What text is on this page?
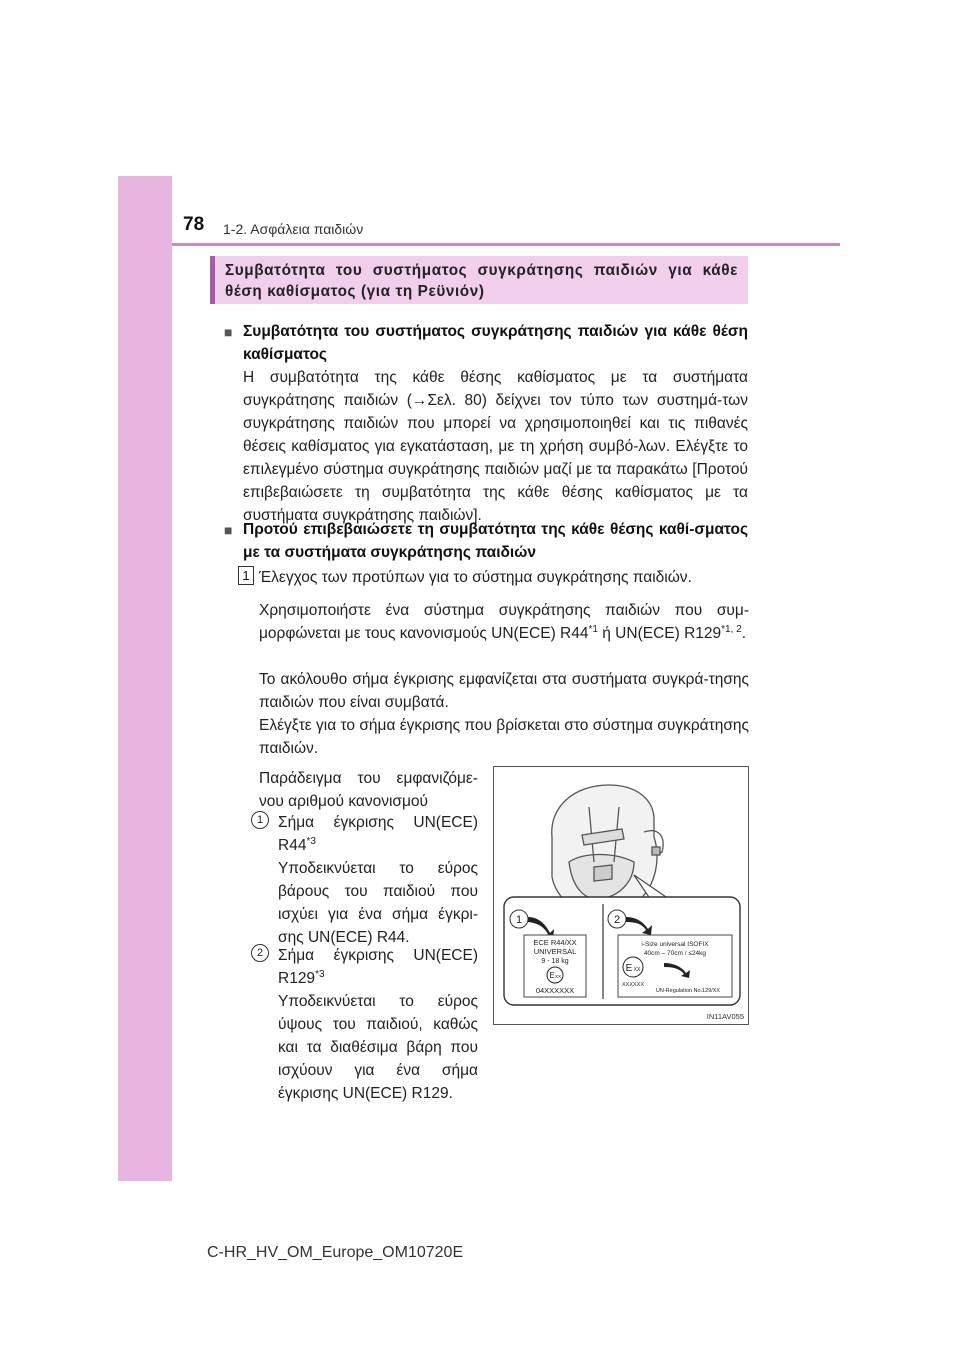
78 1-2. Ασφάλεια παιδιών
Συμβατότητα του συστήματος συγκράτησης παιδιών για κάθε θέση καθίσματος (για τη Ρεϋνιόν)
■ Συμβατότητα του συστήματος συγκράτησης παιδιών για κάθε θέση καθίσματος
Η συμβατότητα της κάθε θέσης καθίσματος με τα συστήματα συγκράτησης παιδιών (→Σελ. 80) δείχνει τον τύπο των συστημά-των συγκράτησης παιδιών που μπορεί να χρησιμοποιηθεί και τις πιθανές θέσεις καθίσματος για εγκατάσταση, με τη χρήση συμβό-λων. Ελέγξτε το επιλεγμένο σύστημα συγκράτησης παιδιών μαζί με τα παρακάτω [Προτού επιβεβαιώσετε τη συμβατότητα της κάθε θέσης καθίσματος με τα συστήματα συγκράτησης παιδιών].
■ Προτού επιβεβαιώσετε τη συμβατότητα της κάθε θέσης καθί-σματος με τα συστήματα συγκράτησης παιδιών
1 Έλεγχος των προτύπων για το σύστημα συγκράτησης παιδιών.
Χρησιμοποιήστε ένα σύστημα συγκράτησης παιδιών που συμ-μορφώνεται με τους κανονισμούς UN(ECE) R44$^{*1}$ ή UN(ECE) R129$^{*1, 2}$.
Το ακόλουθο σήμα έγκρισης εμφανίζεται στα συστήματα συγκρά-τησης παιδιών που είναι συμβατά.
Ελέγξτε για το σήμα έγκρισης που βρίσκεται στο σύστημα συγκράτησης παιδιών.
Παράδειγμα του εμφανιζόμε-νου αριθμού κανονισμού
1 Σήμα έγκρισης UN(ECE) R44$^{*3}$
Υποδεικνύεται το εύρος βάρους του παιδιού που ισχύει για ένα σήμα έγκρι-σης UN(ECE) R44.
2 Σήμα έγκρισης UN(ECE) R129$^{*3}$
Υποδεικνύεται το εύρος ύψους του παιδιού, καθώς και τα διαθέσιμα βάρη που ισχύουν για ένα σήμα έγκρισης UN(ECE) R129.
1	2
ECE R44/XX
UNIVERSAL
9 - 18 kg
E XX
04XXXXXX
i-Size universal ISOFIX
40cm – 70cm / ≤24kg
E XX
XXXXXX
UN-Regulation No.129/XX
IN11AV055
C-HR_HV_OM_Europe_OM10720E
